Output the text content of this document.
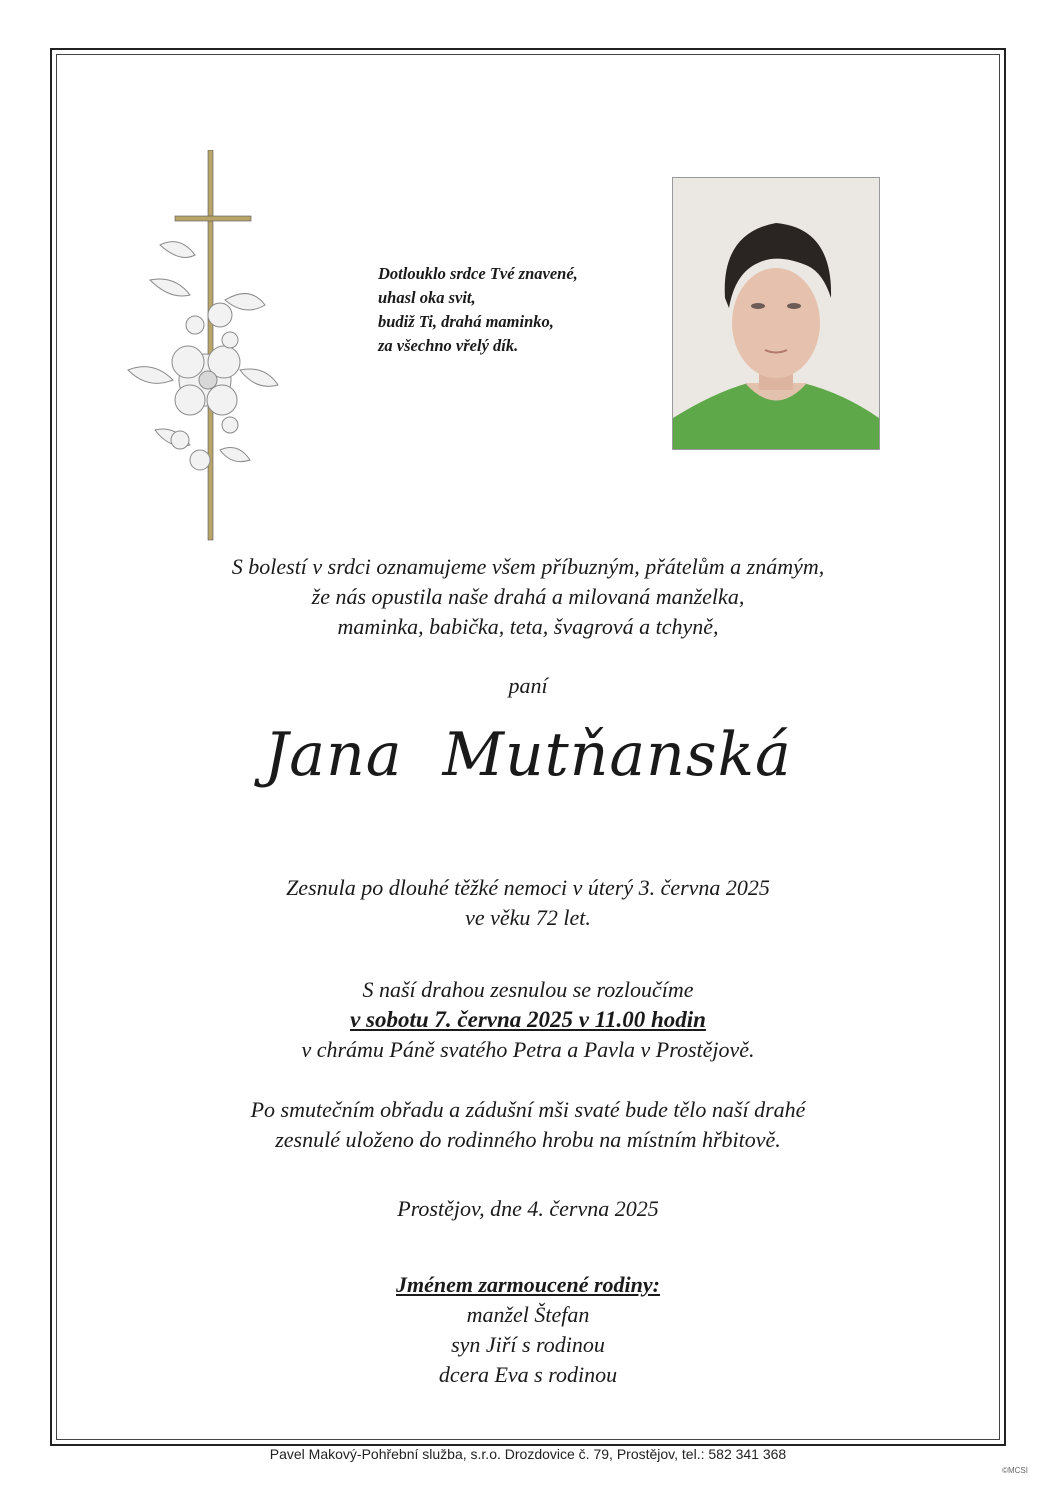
Dotlouklo srdce Tvé znavené,
uhasl oka svit,
budiž Ti, drahá maminko,
za všechno vřelý dík.
S bolestí v srdci oznamujeme všem příbuzným, přátelům a známým,
že nás opustila naše drahá a milovaná manželka,
maminka, babička, teta, švagrová a tchyně,
paní
Jana Mutňanská
Zesnula po dlouhé těžké nemoci v úterý 3. června 2025
ve věku 72 let.
S naší drahou zesnulou se rozloučíme
v sobotu 7. června 2025 v 11.00 hodin
v chrámu Páně svatého Petra a Pavla v Prostějově.
Po smutečním obřadu a zádušní mši svaté bude tělo naší drahé
zesnulé uloženo do rodinného hrobu na místním hřbitově.
Prostějov, dne 4. června 2025
Jménem zarmoucené rodiny:
manžel Štefan
syn Jiří s rodinou
dcera Eva s rodinou
Pavel Makový-Pohřební služba, s.r.o. Drozdovice č. 79, Prostějov, tel.: 582 341 368
©MCSI
